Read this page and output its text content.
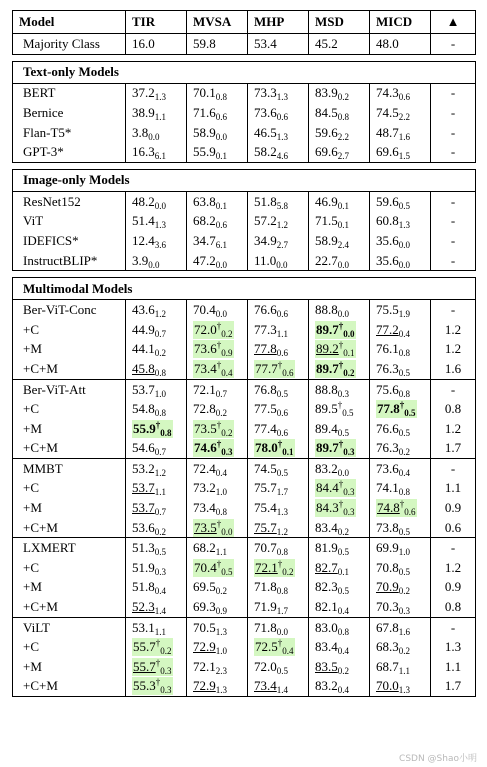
Model	TIR	MVSA	MHP	MSD	MICD	▲
Majority Class	16.0	59.8	53.4	45.2	48.0	-

Text-only Models						
BERT	$37.2_{1.3}$	$70.1_{0.8}$	$73.3_{1.3}$	$83.9_{0.2}$	$74.3_{0.6}$	-
Bernice	$38.9_{1.1}$	$71.6_{0.6}$	$73.6_{0.6}$	$84.5_{0.8}$	$74.5_{2.2}$	-
Flan-T5*	$3.8_{0.0}$	$58.9_{0.0}$	$46.5_{1.3}$	$59.6_{2.2}$	$48.7_{1.6}$	-
GPT-3*	$16.3_{6.1}$	$55.9_{0.1}$	$58.2_{4.6}$	$69.6_{2.7}$	$69.6_{1.5}$	-

Image-only Models						
ResNet152	$48.2_{0.0}$	$63.8_{0.1}$	$51.8_{5.8}$	$46.9_{0.1}$	$59.6_{0.5}$	-
ViT	$51.4_{1.3}$	$68.2_{0.6}$	$57.2_{1.2}$	$71.5_{0.1}$	$60.8_{1.3}$	-
IDEFICS*	$12.4_{3.6}$	$34.7_{6.1}$	$34.9_{2.7}$	$58.9_{2.4}$	$35.6_{0.0}$	-
InstructBLIP*	$3.9_{0.0}$	$47.2_{0.0}$	$11.0_{0.0}$	$22.7_{0.0}$	$35.6_{0.0}$	-

Multimodal Models						
Ber-ViT-Conc	$43.6_{1.2}$	$70.4_{0.0}$	$76.6_{0.6}$	$88.8_{0.0}$	$75.5_{1.9}$	-
+C	$44.9_{0.7}$	$72.0^\dagger_{0.2}$	$77.3_{1.1}$	$89.7^\dagger_{0.0}$	$77.2_{0.4}$	1.2
+M	$44.1_{0.2}$	$73.6^\dagger_{0.9}$	$77.8_{0.6}$	$89.2^\dagger_{0.1}$	$76.1_{0.8}$	1.2
+C+M	$45.8_{0.8}$	$73.4^\dagger_{0.4}$	$77.7^\dagger_{0.6}$	$89.7^\dagger_{0.2}$	$76.3_{0.5}$	1.6
Ber-ViT-Att	$53.7_{1.0}$	$72.1_{0.7}$	$76.8_{0.5}$	$88.8_{0.3}$	$75.6_{0.8}$	-
+C	$54.8_{0.8}$	$72.8_{0.2}$	$77.5_{0.6}$	$89.5^\dagger_{0.5}$	$77.8^\dagger_{0.5}$	0.8
+M	$55.9^\dagger_{0.8}$	$73.5^\dagger_{0.2}$	$77.4_{0.6}$	$89.4_{0.5}$	$76.6_{0.5}$	1.2
+C+M	$54.6_{0.7}$	$74.6^\dagger_{0.3}$	$78.0^\dagger_{0.1}$	$89.7^\dagger_{0.3}$	$76.3_{0.2}$	1.7
MMBT	$53.2_{1.2}$	$72.4_{0.4}$	$74.5_{0.5}$	$83.2_{0.0}$	$73.6_{0.4}$	-
+C	$53.7_{1.1}$	$73.2_{1.0}$	$75.7_{1.7}$	$84.4^\dagger_{0.3}$	$74.1_{0.8}$	1.1
+M	$53.7_{0.7}$	$73.4_{0.8}$	$75.4_{1.3}$	$84.3^\dagger_{0.3}$	$74.8^\dagger_{0.6}$	0.9
+C+M	$53.6_{0.2}$	$73.5^\dagger_{0.0}$	$75.7_{1.2}$	$83.4_{0.2}$	$73.8_{0.5}$	0.6
LXMERT	$51.3_{0.5}$	$68.2_{1.1}$	$70.7_{0.8}$	$81.9_{0.5}$	$69.9_{1.0}$	-
+C	$51.9_{0.3}$	$70.4^\dagger_{0.5}$	$72.1^\dagger_{0.2}$	$82.7_{0.1}$	$70.8_{0.5}$	1.2
+M	$51.8_{0.4}$	$69.5_{0.2}$	$71.8_{0.8}$	$82.3_{0.5}$	$70.9_{0.2}$	0.9
+C+M	$52.3_{1.4}$	$69.3_{0.9}$	$71.9_{1.7}$	$82.1_{0.4}$	$70.3_{0.3}$	0.8
ViLT	$53.1_{1.1}$	$70.5_{1.3}$	$71.8_{0.0}$	$83.0_{0.8}$	$67.8_{1.6}$	-
+C	$55.7^\dagger_{0.2}$	$72.9_{1.0}$	$72.5^\dagger_{0.4}$	$83.4_{0.4}$	$68.3_{0.2}$	1.3
+M	$55.7^\dagger_{0.3}$	$72.1_{2.3}$	$72.0_{0.5}$	$83.5_{0.2}$	$68.7_{1.1}$	1.1
+C+M	$55.3^\dagger_{0.3}$	$72.9_{1.3}$	$73.4_{1.4}$	$83.2_{0.4}$	$70.0_{1.3}$	1.7
CSDN @Shao小明
